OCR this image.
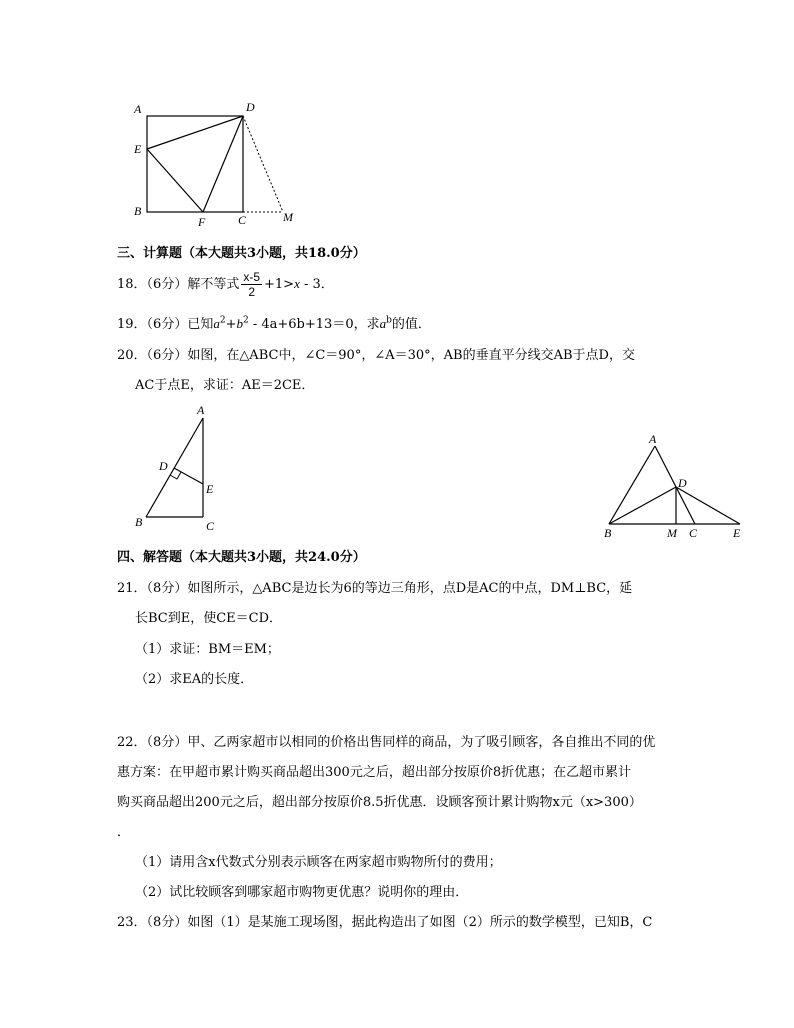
A	D
E
B
F	C	M
三、计算题（本大题共3小题，共18.0分）
18．（6分）解不等式 $\frac{x-5}{2} +1>x - 3$．
19．（6分）已知$a^2+b^2 - 4a+6b+13=0$，求$a^b$的值．
20．（6分）如图，在△ABC中，∠C＝90°，∠A＝30°，AB的垂直平分线交AB于点D，交
AC于点E，求证：AE＝2CE．
A
D
E
B	C
A
D
B	M C	E
四、解答题（本大题共3小题，共24.0分）
21．（8分）如图所示，△ABC是边长为6的等边三角形，点D是AC的中点，DM⊥BC，延
长BC到E，使CE＝CD．
（1）求证：BM＝EM；
（2）求EA的长度．
22．（8分）甲、乙两家超市以相同的价格出售同样的商品，为了吸引顾客，各自推出不同的优
惠方案：在甲超市累计购买商品超出300元之后，超出部分按原价8折优惠；在乙超市累计
购买商品超出200元之后，超出部分按原价8.5折优惠．设顾客预计累计购物x元（x>300）
．
（1）请用含x代数式分别表示顾客在两家超市购物所付的费用；
（2）试比较顾客到哪家超市购物更优惠？说明你的理由．
23．（8分）如图（1）是某施工现场图，据此构造出了如图（2）所示的数学模型，已知B，C
